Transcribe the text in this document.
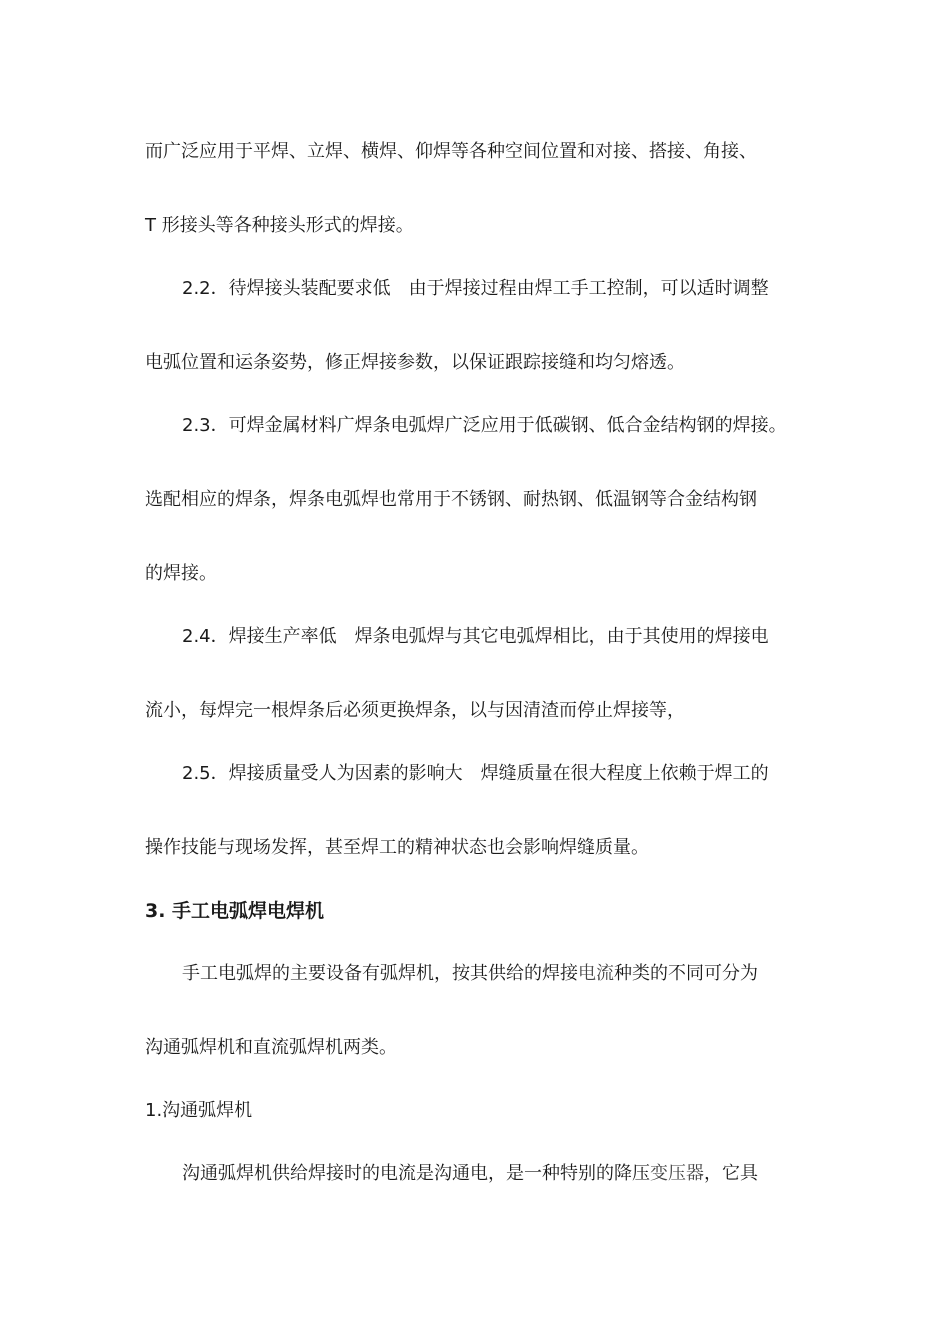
而广泛应用于平焊、立焊、横焊、仰焊等各种空间位置和对接、搭接、角接、

T 形接头等各种接头形式的焊接。

2.2．待焊接头装配要求低　由于焊接过程由焊工手工控制，可以适时调整

电弧位置和运条姿势，修正焊接参数，以保证跟踪接缝和均匀熔透。

2.3．可焊金属材料广焊条电弧焊广泛应用于低碳钢、低合金结构钢的焊接。

选配相应的焊条，焊条电弧焊也常用于不锈钢、耐热钢、低温钢等合金结构钢

的焊接。

2.4．焊接生产率低　焊条电弧焊与其它电弧焊相比，由于其使用的焊接电

流小，每焊完一根焊条后必须更换焊条，以与因清渣而停止焊接等，

2.5．焊接质量受人为因素的影响大　焊缝质量在很大程度上依赖于焊工的

操作技能与现场发挥，甚至焊工的精神状态也会影响焊缝质量。

3. 手工电弧焊电焊机

手工电弧焊的主要设备有弧焊机，按其供给的焊接电流种类的不同可分为

沟通弧焊机和直流弧焊机两类。

1.沟通弧焊机

沟通弧焊机供给焊接时的电流是沟通电，是一种特别的降压变压器，它具
